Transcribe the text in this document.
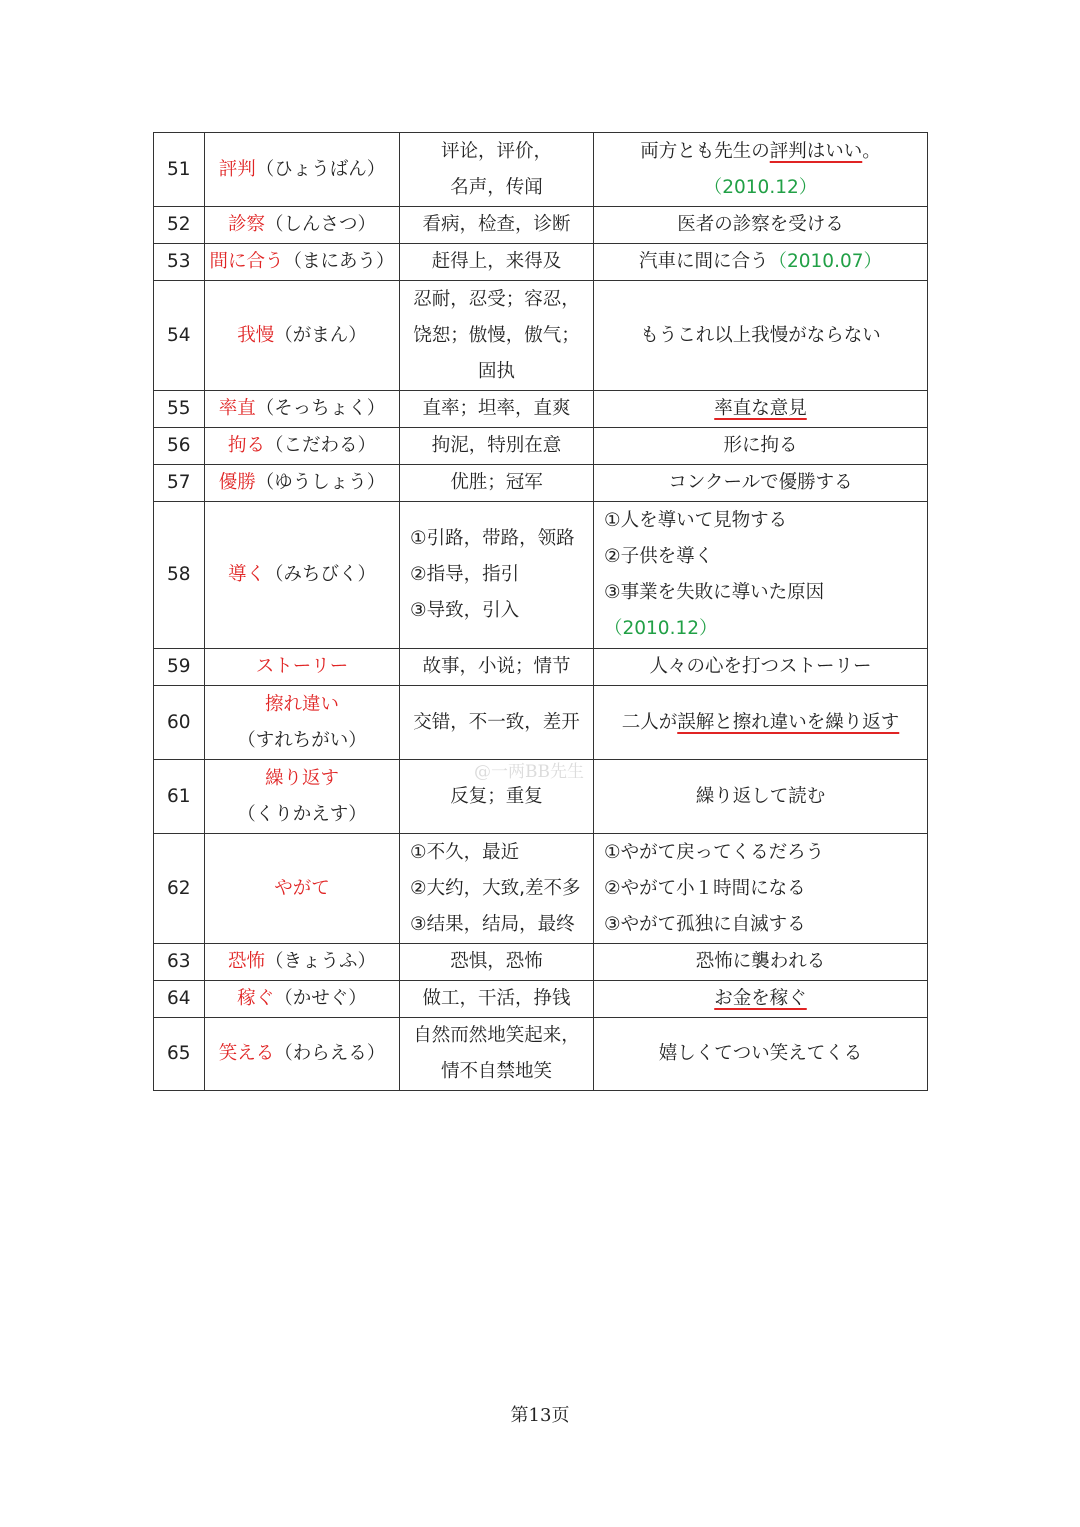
51	評判（ひょうばん）	评论，评价，
名声，传闻	両方とも先生の評判はいい。
（2010.12）

52	診察（しんさつ）	看病，检查，诊断	医者の診察を受ける
53	間に合う（まにあう）	赶得上，来得及	汽車に間に合う（2010.07）
54	我慢（がまん）	忍耐，忍受；容忍，
饶恕；傲慢，傲气；
固执	もうこれ以上我慢がならない
55	率直（そっちょく）	直率；坦率，直爽	率直な意見
56	拘る（こだわる）	拘泥，特別在意	形に拘る
57	優勝（ゆうしょう）	优胜；冠军	コンクールで優勝する
58	導く（みちびく）	①引路，带路，领路
②指导，指引
③导致，引入	①人を導いて見物する
②子供を導く
③事業を失敗に導いた原因
（2010.12）

59	ストーリー	故事，小说；情节	人々の心を打つストーリー
60	擦れ違い
（すれちがい）	交错，不一致，差开	二人が誤解と擦れ違いを繰り返す
61	繰り返す
（くりかえす）	反复；重复	繰り返して読む
62	やがて	①不久，最近
②大约，大致,差不多
③结果，结局，最终	①やがて戻ってくるだろう
②やがて小１時間になる
③やがて孤独に自滅する

63	恐怖（きょうふ）	恐惧，恐怖	恐怖に襲われる
64	稼ぐ（かせぐ）	做工，干活，挣钱	お金を稼ぐ
65	笑える（わらえる）	自然而然地笑起来，
情不自禁地笑	嬉しくてつい笑えてくる
@一两BB先生
第13页
